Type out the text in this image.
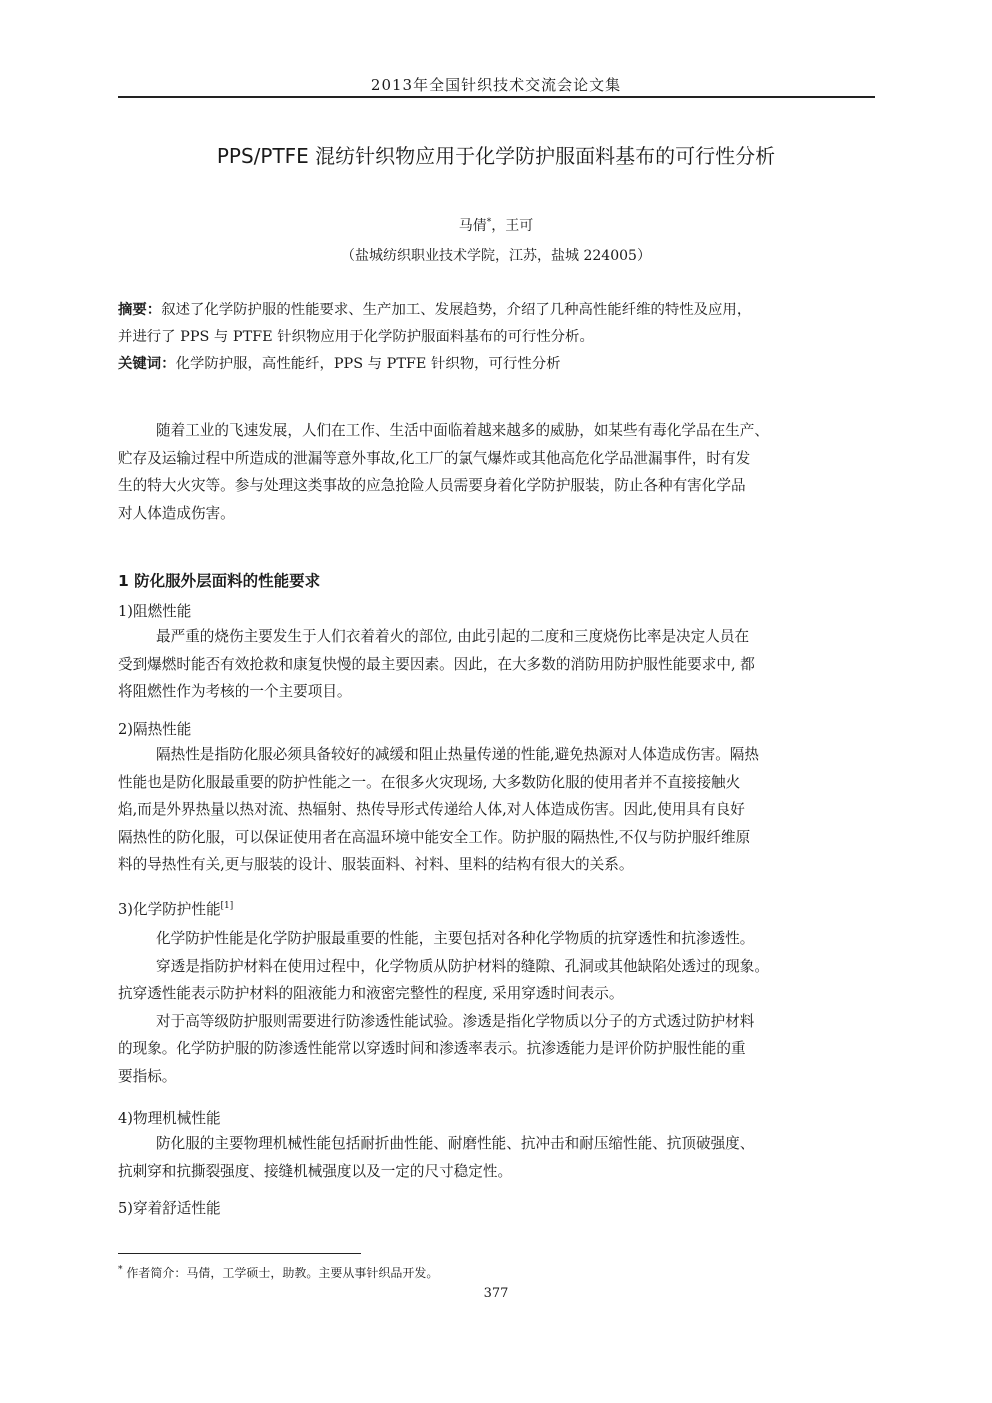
2013年全国针织技术交流会论文集
PPS/PTFE 混纺针织物应用于化学防护服面料基布的可行性分析
马倩*，王可
（盐城纺织职业技术学院，江苏，盐城 224005）
摘要：叙述了化学防护服的性能要求、生产加工、发展趋势，介绍了几种高性能纤维的特性及应用，
并进行了 PPS 与 PTFE 针织物应用于化学防护服面料基布的可行性分析。
关键词：化学防护服，高性能纤，PPS 与 PTFE 针织物，可行性分析
随着工业的飞速发展，人们在工作、生活中面临着越来越多的威胁，如某些有毒化学品在生产、
贮存及运输过程中所造成的泄漏等意外事故,化工厂的氯气爆炸或其他高危化学品泄漏事件，时有发
生的特大火灾等。参与处理这类事故的应急抢险人员需要身着化学防护服装，防止各种有害化学品
对人体造成伤害。
1 防化服外层面料的性能要求
1)阻燃性能
最严重的烧伤主要发生于人们衣着着火的部位, 由此引起的二度和三度烧伤比率是决定人员在
受到爆燃时能否有效抢救和康复快慢的最主要因素。因此，在大多数的消防用防护服性能要求中, 都
将阻燃性作为考核的一个主要项目。
2)隔热性能
隔热性是指防化服必须具备较好的减缓和阻止热量传递的性能,避免热源对人体造成伤害。隔热
性能也是防化服最重要的防护性能之一。在很多火灾现场, 大多数防化服的使用者并不直接接触火
焰,而是外界热量以热对流、热辐射、热传导形式传递给人体,对人体造成伤害。因此,使用具有良好
隔热性的防化服，可以保证使用者在高温环境中能安全工作。防护服的隔热性,不仅与防护服纤维原
料的导热性有关,更与服装的设计、服装面料、衬料、里料的结构有很大的关系。
3)化学防护性能[1]
化学防护性能是化学防护服最重要的性能，主要包括对各种化学物质的抗穿透性和抗渗透性。
穿透是指防护材料在使用过程中，化学物质从防护材料的缝隙、孔洞或其他缺陷处透过的现象。
抗穿透性能表示防护材料的阻液能力和液密完整性的程度, 采用穿透时间表示。
对于高等级防护服则需要进行防渗透性能试验。渗透是指化学物质以分子的方式透过防护材料
的现象。化学防护服的防渗透性能常以穿透时间和渗透率表示。抗渗透能力是评价防护服性能的重
要指标。
4)物理机械性能
防化服的主要物理机械性能包括耐折曲性能、耐磨性能、抗冲击和耐压缩性能、抗顶破强度、
抗刺穿和抗撕裂强度、接缝机械强度以及一定的尺寸稳定性。
5)穿着舒适性能
* 作者简介：马倩，工学硕士，助教。主要从事针织品开发。
377
